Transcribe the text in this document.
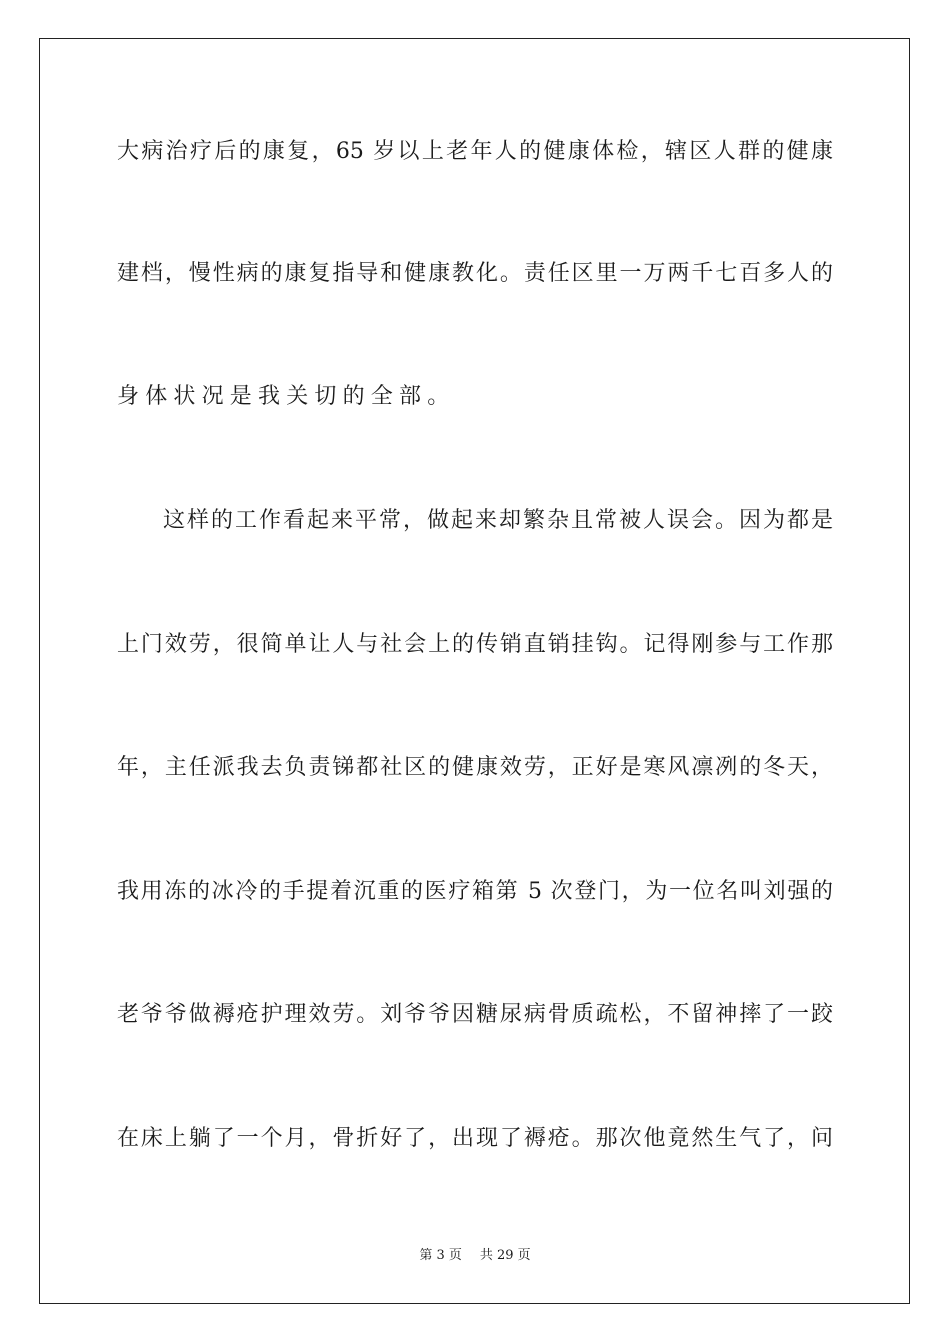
大病治疗后的康复，65 岁以上老年人的健康体检，辖区人群的健康
建档，慢性病的康复指导和健康教化。责任区里一万两千七百多人的
身体状况是我关切的全部。
这样的工作看起来平常，做起来却繁杂且常被人误会。因为都是
上门效劳，很简单让人与社会上的传销直销挂钩。记得刚参与工作那
年，主任派我去负责锑都社区的健康效劳，正好是寒风凛冽的冬天，
我用冻的冰冷的手提着沉重的医疗箱第 5 次登门，为一位名叫刘强的
老爷爷做褥疮护理效劳。刘爷爷因糖尿病骨质疏松，不留神摔了一跤
在床上躺了一个月，骨折好了，出现了褥疮。那次他竟然生气了，问
第 3 页 共 29 页
